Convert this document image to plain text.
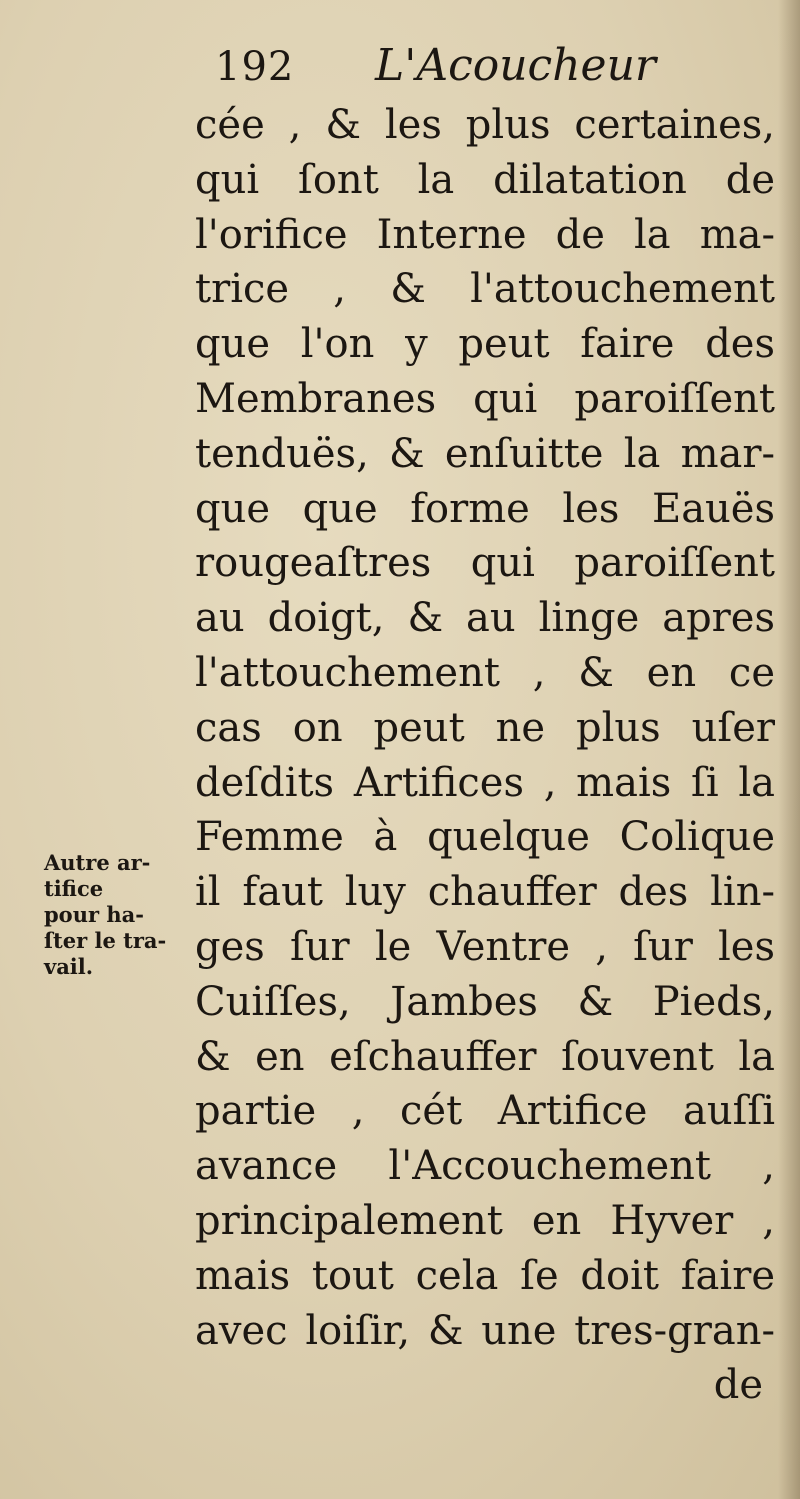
192 L'Acoucheur
cée , & les plus certaines,
qui ſont la dilatation de
l'orifice Interne de la ma-
trice , & l'attouchement
que l'on y peut faire des
Membranes qui paroiſſent
tenduës, & enſuitte la mar-
que que forme les Eauës
rougeaſtres qui paroiſſent
au doigt, & au linge apres
l'attouchement , & en ce
cas on peut ne plus uſer
deſdits Artifices , mais ſi la
Femme à quelque Colique
il faut luy chauffer des lin-
ges ſur le Ventre , ſur les
Cuiſſes, Jambes & Pieds,
& en eſchauffer ſouvent la
partie , cét Artifice auſſi
avance l'Accouchement ,
principalement en Hyver ,
mais tout cela ſe doit faire
avec loiſir, & une tres-gran-
de
Autre ar-
tifice
pour ha-
ſter le tra-
vail.
